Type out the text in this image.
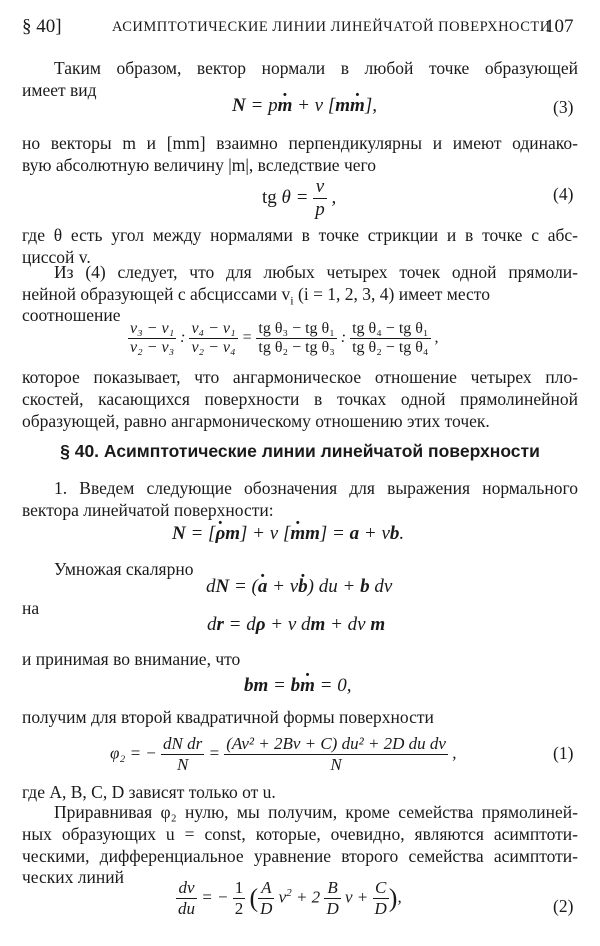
§ 40]	АСИМПТОТИЧЕСКИЕ ЛИНИИ ЛИНЕЙЧАТОЙ ПОВЕРХНОСТИ
107
Таким образом, вектор нормали в любой точке образующей
имеет вид
N = p· m + v [m· m],	(3)
но векторы m и [mm] взаимно перпендикулярны и имеют одинако-
вую абсолютную величину |m|, вследствие чего
tg $\theta = \frac{v}{p}$ ,	(4)
где θ есть угол между нормалями в точке стрикции и в точке с абс-
циссой v.
Из (4) следует, что для любых четырех точек одной прямоли-
нейной образующей с абсциссами $v_i$ (i = 1, 2, 3, 4) имеет место
соотношение
$\frac{\text{v₃ − v₁}}{\text{v₂ − v₃}}$ : $\frac{\text{v₄ − v₁}}{\text{v₂ − v₄}} = \frac{\text{tg θ₃ − tg θ₁}}{\text{tg θ₂ − tg θ₃}}$ : $\frac{\text{tg θ₄ − tg θ₁}}{\text{tg θ₂ − tg θ₄}}$ ,
которое показывает, что ангармоническое отношение четырех пло-
скостей, касающихся поверхности в точках одной прямолинейной
образующей, равно ангармоническому отношению этих точек.
§ 40. Асимптотические линии линейчатой поверхности
1. Введем следующие обозначения для выражения нормального
вектора линейчатой поверхности:
N = [· ρm] + v [· mm] = a + vb.
Умножая скалярно
dN = (· a + v· b) du + b dv
на
dr = dρ + v dm + dv m
и принимая во внимание, что
bm = b· m = 0,
получим для второй квадратичной формы поверхности
φ₂ = − $\frac{\text{dN dr}}{N} = \frac{\text{(Av² + 2Bv + C) du² + 2D du dv}}{N}$ ,	(1)
где A, B, C, D зависят только от u.
Приравнивая φ₂ нулю, мы получим, кроме семейства прямолиней-
ных образующих u = const, которые, очевидно, являются асимптоти-
ческими, дифференциальное уравнение второго семейства асимптоти-
ческих линий
$\frac{dv}{du}$ = − $\frac{1}{2}$ ( $\frac{A}{D} v^2 + 2 \frac{B}{D}$ $v + \frac{C}{D}$ ),	(2)
